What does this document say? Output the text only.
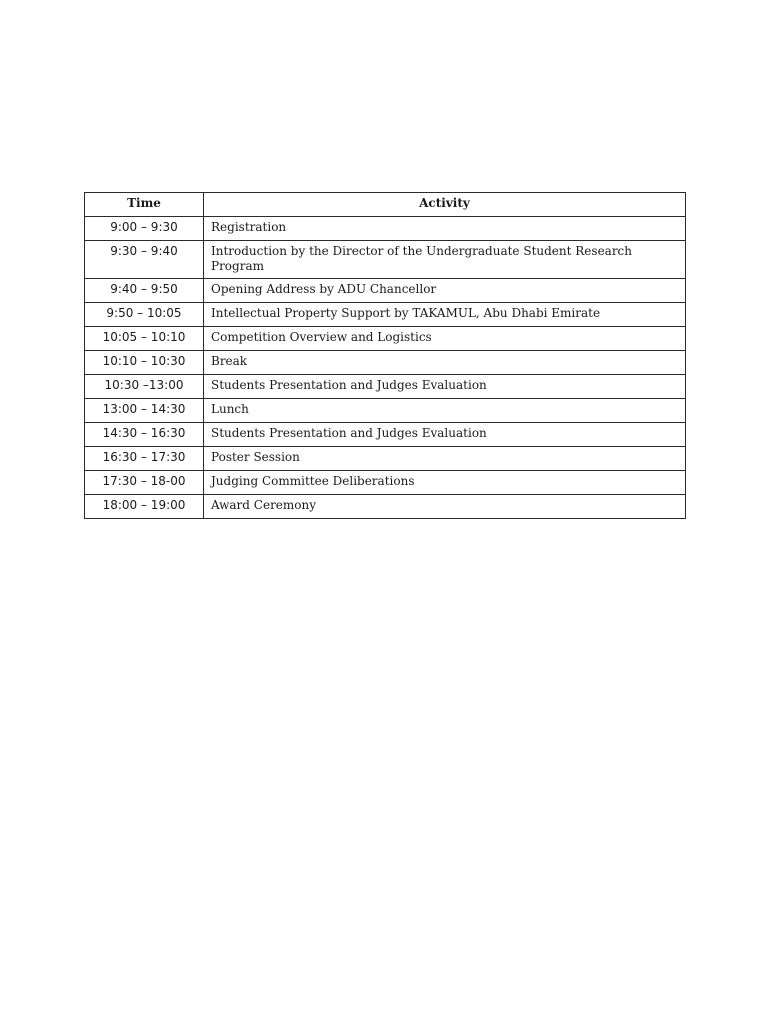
Time	Activity
9:00 – 9:30	Registration
9:30 – 9:40	Introduction by the Director of the Undergraduate Student Research Program
9:40 – 9:50	Opening Address by ADU Chancellor
9:50 – 10:05	Intellectual Property Support by TAKAMUL, Abu Dhabi Emirate
10:05 – 10:10	Competition Overview and Logistics
10:10 – 10:30	Break
10:30 –13:00	Students Presentation and Judges Evaluation
13:00 – 14:30	Lunch
14:30 – 16:30	Students Presentation and Judges Evaluation
16:30 – 17:30	Poster Session
17:30 – 18-00	Judging Committee Deliberations
18:00 – 19:00	Award Ceremony
